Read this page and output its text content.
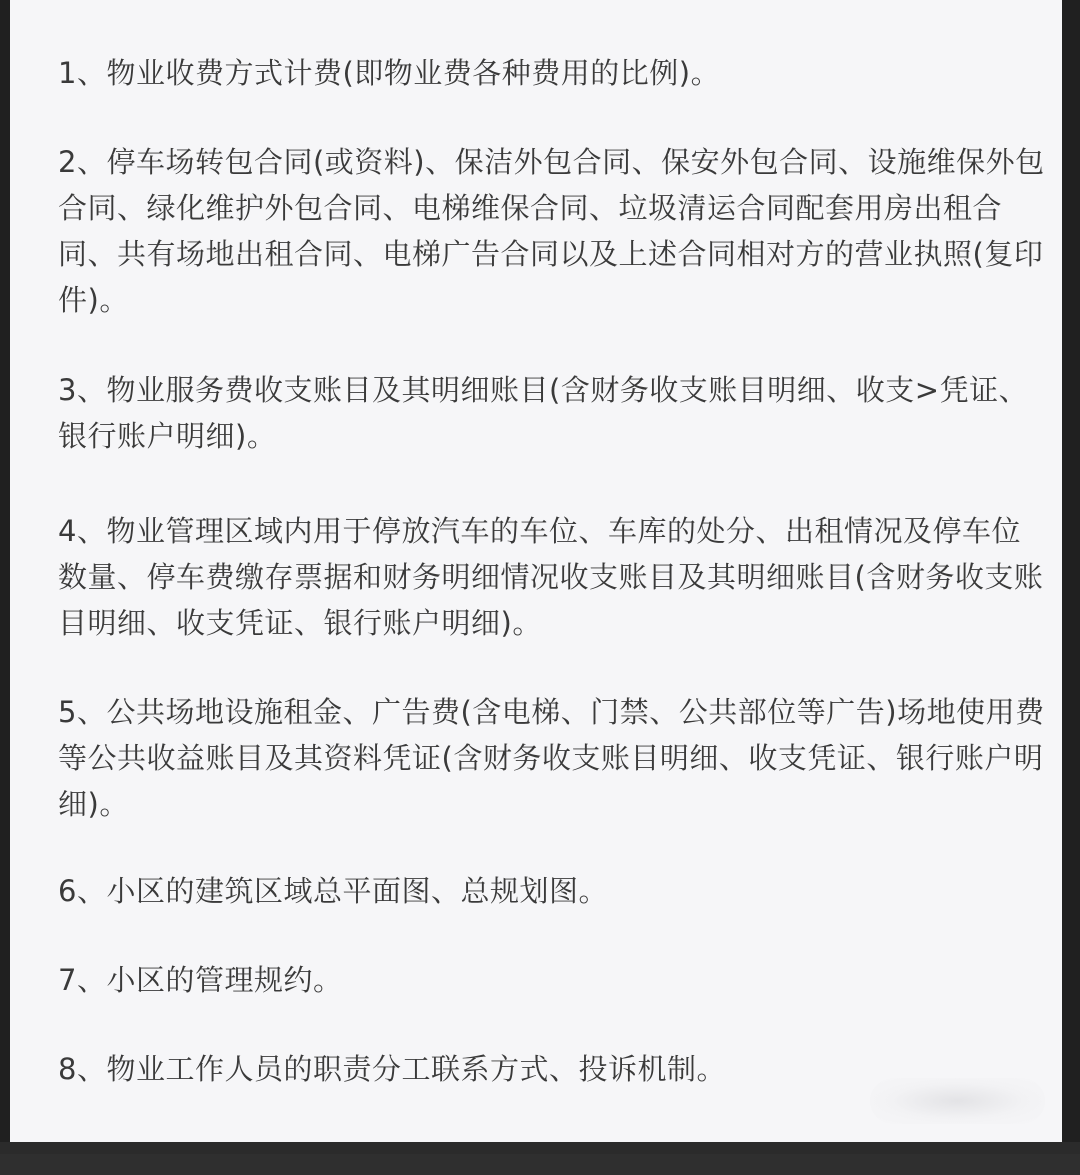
1、物业收费方式计费(即物业费各种费用的比例)。

2、停车场转包合同(或资料)、保洁外包合同、保安外包合同、设施维保外包合同、绿化维护外包合同、电梯维保合同、垃圾清运合同配套用房出租合同、共有场地出租合同、电梯广告合同以及上述合同相对方的营业执照(复印件)。

3、物业服务费收支账目及其明细账目(含财务收支账目明细、收支>凭证、银行账户明细)。

4、物业管理区域内用于停放汽车的车位、车库的处分、出租情况及停车位数量、停车费缴存票据和财务明细情况收支账目及其明细账目(含财务收支账目明细、收支凭证、银行账户明细)。

5、公共场地设施租金、广告费(含电梯、门禁、公共部位等广告)场地使用费等公共收益账目及其资料凭证(含财务收支账目明细、收支凭证、银行账户明细)。

6、小区的建筑区域总平面图、总规划图。

7、小区的管理规约。

8、物业工作人员的职责分工联系方式、投诉机制。
